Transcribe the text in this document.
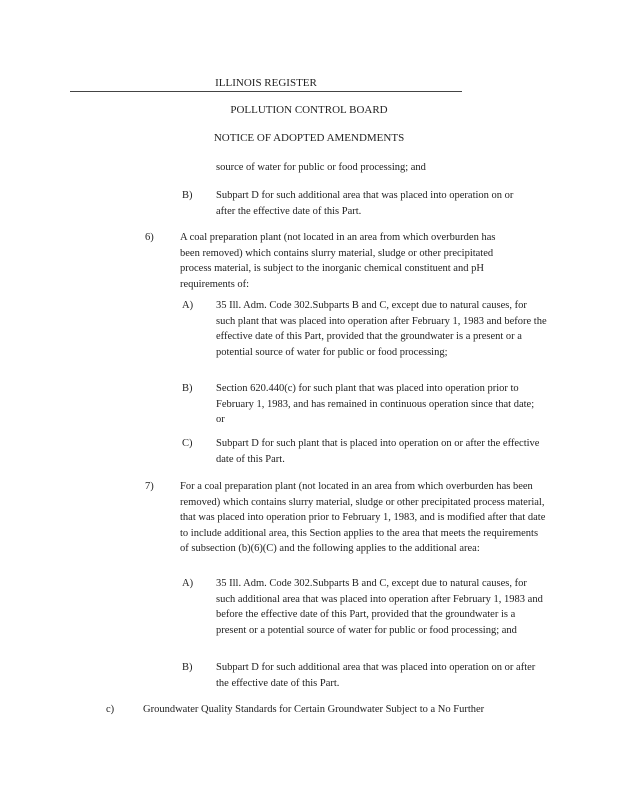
ILLINOIS REGISTER
POLLUTION CONTROL BOARD
NOTICE OF ADOPTED AMENDMENTS
source of water for public or food processing; and
B) Subpart D for such additional area that was placed into operation on or after the effective date of this Part.
6)	A coal preparation plant (not located in an area from which overburden has been removed) which contains slurry material, sludge or other precipitated process material, is subject to the inorganic chemical constituent and pH requirements of:
A) 35 Ill. Adm. Code 302.Subparts B and C, except due to natural causes, for such plant that was placed into operation after February 1, 1983 and before the effective date of this Part, provided that the groundwater is a present or a potential source of water for public or food processing;
B) Section 620.440(c) for such plant that was placed into operation prior to February 1, 1983, and has remained in continuous operation since that date; or
C) Subpart D for such plant that is placed into operation on or after the effective date of this Part.
7)	For a coal preparation plant (not located in an area from which overburden has been removed) which contains slurry material, sludge or other precipitated process material, that was placed into operation prior to February 1, 1983, and is modified after that date to include additional area, this Section applies to the area that meets the requirements of subsection (b)(6)(C) and the following applies to the additional area:
A) 35 Ill. Adm. Code 302.Subparts B and C, except due to natural causes, for such additional area that was placed into operation after February 1, 1983 and before the effective date of this Part, provided that the groundwater is a present or a potential source of water for public or food processing; and
B) Subpart D for such additional area that was placed into operation on or after the effective date of this Part.
c)	Groundwater Quality Standards for Certain Groundwater Subject to a No Further
